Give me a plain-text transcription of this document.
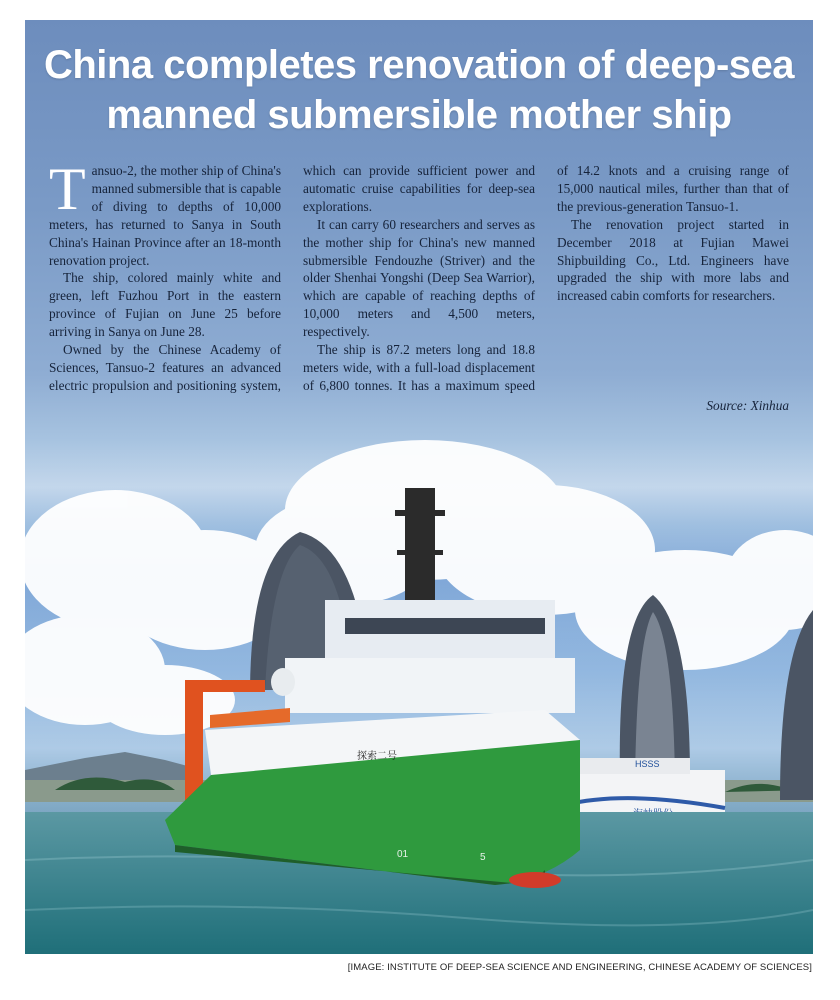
China completes renovation of deep-sea manned submersible mother ship

Tansuo-2, the mother ship of China's manned submersible that is capable of diving to depths of 10,000 meters, has returned to Sanya in South China's Hainan Province after an 18-month renovation project.

The ship, colored mainly white and green, left Fuzhou Port in the eastern province of Fujian on June 25 before arriving in Sanya on June 28.

Owned by the Chinese Academy of Sciences, Tansuo-2 features an advanced electric propulsion and positioning system, which can provide sufficient power and automatic cruise capabilities for deep-sea explorations.

It can carry 60 researchers and serves as the mother ship for China's new manned submersible Fendouzhe (Striver) and the older Shenhai Yongshi (Deep Sea Warrior), which are capable of reaching depths of 10,000 meters and 4,500 meters, respectively.

The ship is 87.2 meters long and 18.8 meters wide, with a full-load displacement of 6,800 tonnes. It has a maximum speed of 14.2 knots and a cruising range of 15,000 nautical miles, further than that of the previous-generation Tansuo-1.

The renovation project started in December 2018 at Fujian Mawei Shipbuilding Co., Ltd. Engineers have upgraded the ship with more labs and increased cabin comforts for researchers.

Source: Xinhua

HSSS
探索二号
01	5

[IMAGE: INSTITUTE OF DEEP-SEA SCIENCE AND ENGINEERING, CHINESE ACADEMY OF SCIENCES]
